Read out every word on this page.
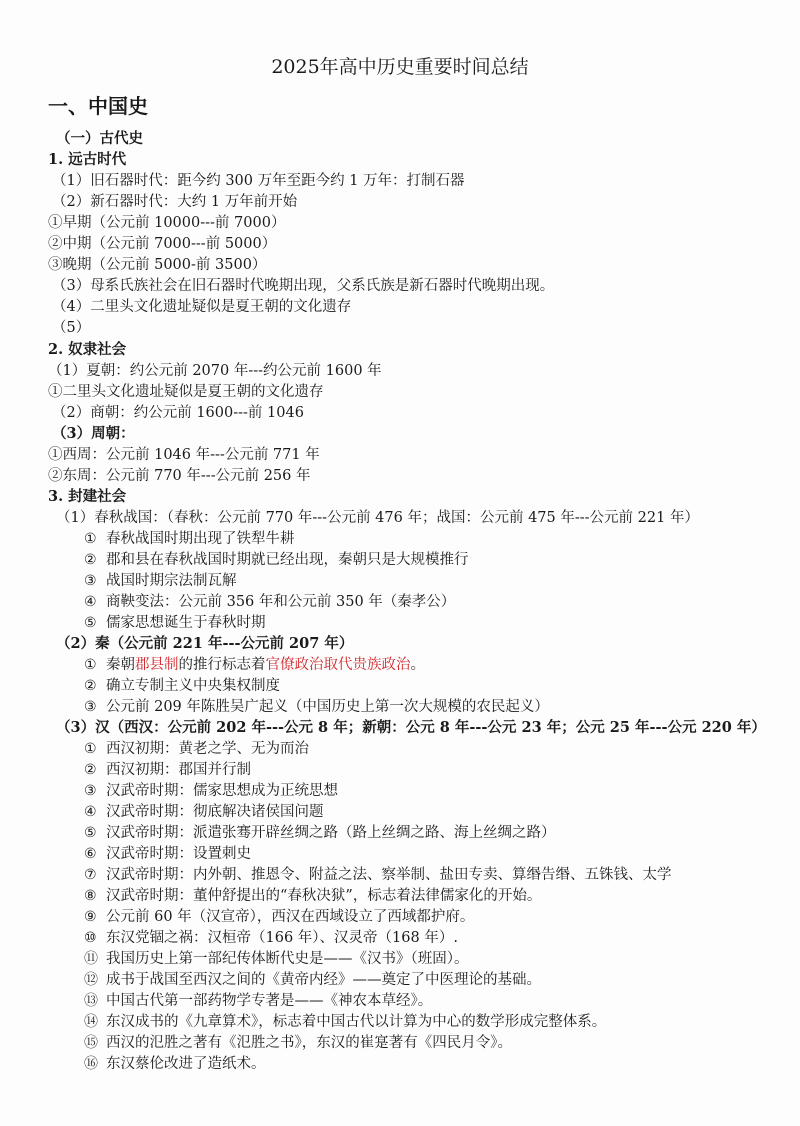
2025年高中历史重要时间总结
一、中国史
（一）古代史
1. 远古时代
（1）旧石器时代：距今约 300 万年至距今约 1 万年：打制石器
（2）新石器时代：大约 1 万年前开始
①早期（公元前 10000---前 7000）
②中期（公元前 7000---前 5000）
③晚期（公元前 5000-前 3500）
（3）母系氏族社会在旧石器时代晚期出现，父系氏族是新石器时代晚期出现。
（4）二里头文化遗址疑似是夏王朝的文化遗存
（5）
2. 奴隶社会
（1）夏朝：约公元前 2070 年---约公元前 1600 年
①二里头文化遗址疑似是夏王朝的文化遗存
（2）商朝：约公元前 1600---前 1046
（3）周朝：
①西周：公元前 1046 年---公元前 771 年
②东周：公元前 770 年---公元前 256 年
3. 封建社会
（1）春秋战国：（春秋：公元前 770 年---公元前 476 年；战国：公元前 475 年---公元前 221 年）
① 春秋战国时期出现了铁犁牛耕
② 郡和县在春秋战国时期就已经出现，秦朝只是大规模推行
③ 战国时期宗法制瓦解
④ 商鞅变法：公元前 356 年和公元前 350 年（秦孝公）
⑤ 儒家思想诞生于春秋时期
（2）秦（公元前 221 年---公元前 207 年）
① 秦朝郡县制的推行标志着官僚政治取代贵族政治。
② 确立专制主义中央集权制度
③ 公元前 209 年陈胜吴广起义（中国历史上第一次大规模的农民起义）
（3）汉（西汉：公元前 202 年---公元 8 年；新朝：公元 8 年---公元 23 年；公元 25 年---公元 220 年）
① 西汉初期：黄老之学、无为而治
② 西汉初期：郡国并行制
③ 汉武帝时期：儒家思想成为正统思想
④ 汉武帝时期：彻底解决诸侯国问题
⑤ 汉武帝时期：派遣张骞开辟丝绸之路（路上丝绸之路、海上丝绸之路）
⑥ 汉武帝时期：设置刺史
⑦ 汉武帝时期：内外朝、推恩令、附益之法、察举制、盐田专卖、算缗告缗、五铢钱、太学
⑧ 汉武帝时期：董仲舒提出的“春秋决狱”，标志着法律儒家化的开始。
⑨ 公元前 60 年（汉宣帝），西汉在西域设立了西域都护府。
⑩ 东汉党锢之祸：汉桓帝（166 年）、汉灵帝（168 年）.
⑪ 我国历史上第一部纪传体断代史是——《汉书》（班固）。
⑫ 成书于战国至西汉之间的《黄帝内经》——奠定了中医理论的基础。
⑬ 中国古代第一部药物学专著是——《神农本草经》。
⑭ 东汉成书的《九章算术》，标志着中国古代以计算为中心的数学形成完整体系。
⑮ 西汉的氾胜之著有《氾胜之书》，东汉的崔寔著有《四民月令》。
⑯ 东汉蔡伦改进了造纸术。
